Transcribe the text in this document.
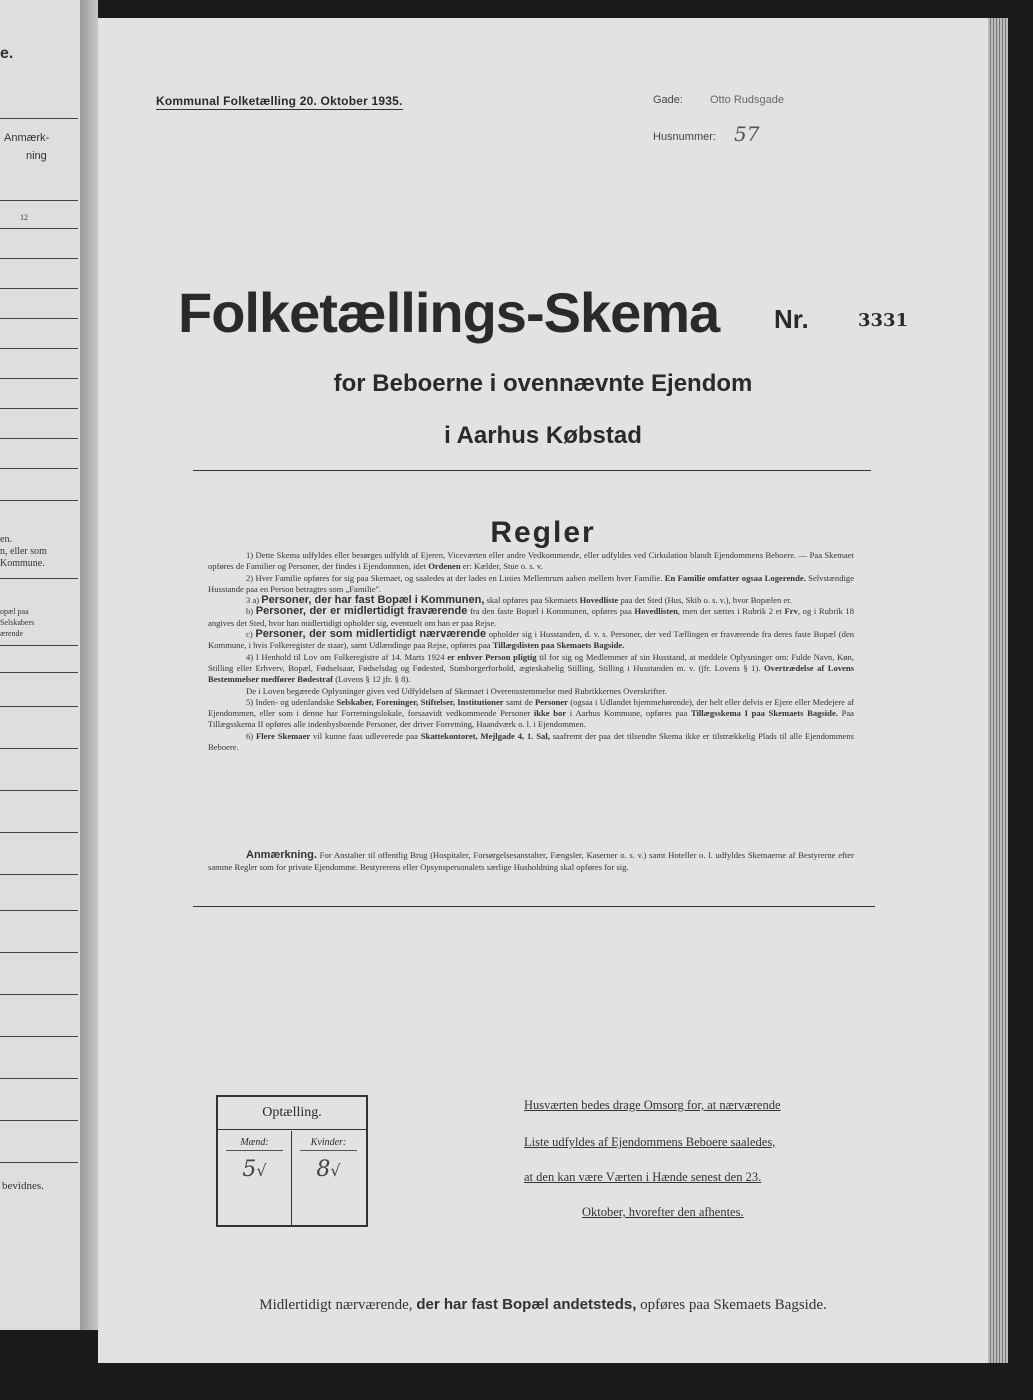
e.
Anmærk-
ning
12
en.
n, eller som
Kommune.
opæl paa
Selskabers
ærende
bevidnes.
Kommunal Folketælling 20. Oktober 1935.	Gade: Otto Rudsgade
Husnummer: 57
Folketællings-Skema Nr.	3331
for Beboerne i ovennævnte Ejendom
i Aarhus Købstad
Regler

1) Dette Skema udfyldes eller besørges udfyldt af Ejeren, Viceværten eller andre Vedkommende, eller udfyldes ved Cirkulation blandt Ejendommens Beboere. — Paa Skemaet opføres de Familier og Personer, der findes i Ejendommen, idet Ordenen er: Kælder, Stue o. s. v.

2) Hver Familie opføres for sig paa Skemaet, og saaledes at der lades en Linies Mellemrum aaben mellem hver Familie. En Familie omfatter ogsaa Logerende. Selvstændige Husstande paa en Person betragtes som „Familie".

3 a) Personer, der har fast Bopæl i Kommunen, skal opføres paa Skemaets Hovedliste paa det Sted (Hus, Skib o. s. v.), hvor Bopælen er.

b) Personer, der er midlertidigt fraværende fra den faste Bopæl i Kommunen, opføres paa Hovedlisten, men der sættes i Rubrik 2 et Frv, og i Rubrik 18 angives det Sted, hvor han midlertidigt opholder sig, eventuelt om han er paa Rejse.

c) Personer, der som midlertidigt nærværende opholder sig i Husstanden, d. v. s. Personer, der ved Tællingen er fraværende fra deres faste Bopæl (den Kommune, i hvis Folkeregister de staar), samt Udlændinge paa Rejse, opføres paa Tillægslisten paa Skemaets Bagside.

4) I Henhold til Lov om Folkeregistre af 14. Marts 1924 er enhver Person pligtig til for sig og Medlemmer af sin Husstand, at meddele Oplysninger om: Fulde Navn, Køn, Stilling eller Erhverv, Bopæl, Fødselsaar, Fødselsdag og Fødested, Statsborgerforhold, ægteskabelig Stilling, Stilling i Husstanden m. v. (jfr. Lovens § 1). Overtrædelse af Lovens Bestemmelser medfører Bødestraf (Lovens § 12 jfr. § 8).

De i Loven begærede Oplysninger gives ved Udfyldelsen af Skemaet i Overensstemmelse med Rubrikkernes Overskrifter.

5) Inden- og udenlandske Selskaber, Foreninger, Stiftelser, Institutioner samt de Personer (ogsaa i Udlandet hjemmehørende), der helt eller delvis er Ejere eller Medejere af Ejendommen, eller som i denne har Forretningslokale, forsaavidt vedkommende Personer ikke bor i Aarhus Kommune, opføres paa Tillægsskema I paa Skemaets Bagside. Paa Tillægsskema II opføres alle indenbysboende Personer, der driver Forretning, Haandværk o. l. i Ejendommen.

6) Flere Skemaer vil kunne faas udleverede paa Skattekontoret, Mejlgade 4, 1. Sal, saafremt der paa det tilsendte Skema ikke er tilstrækkelig Plads til alle Ejendommens Beboere.

Anmærkning. For Anstalter til offentlig Brug (Hospitaler, Forsørgelsesanstalter, Fængsler, Kaserner o. s. v.) samt Hoteller o. l. udfyldes Skemaerne af Bestyrerne efter samme Regler som for private Ejendomme. Bestyrerens eller Opsynspersonalets særlige Husholdning skal opføres for sig.
Optælling.
Mænd:
5√
Kvinder:
8√
Husværten bedes drage Omsorg for, at nærværende
Liste udfyldes af Ejendommens Beboere saaledes,
at den kan være Værten i Hænde senest den 23.
Oktober, hvorefter den afhentes.
Midlertidigt nærværende, der har fast Bopæl andetsteds, opføres paa Skemaets Bagside.
